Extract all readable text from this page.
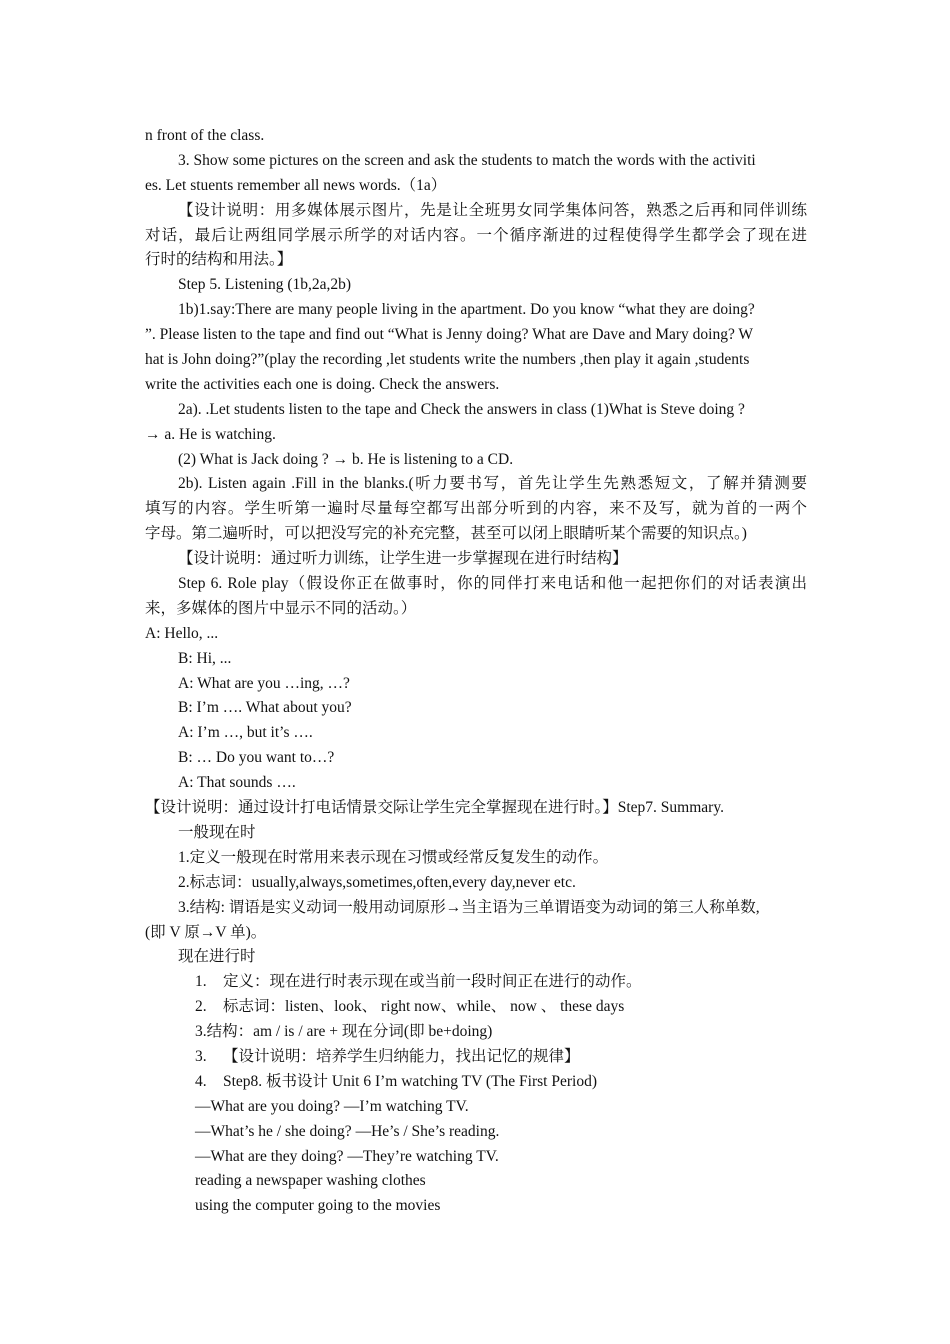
n front of the class.
3. Show some pictures on the screen and ask the students to match the words with the activiti
es. Let stuents remember all news words.（1a）
【设计说明：用多媒体展示图片，先是让全班男女同学集体问答，熟悉之后再和同伴训练
对话，最后让两组同学展示所学的对话内容。一个循序渐进的过程使得学生都学会了现在进
行时的结构和用法。】
Step 5. Listening (1b,2a,2b)
1b)1.say:There are many people living in the apartment. Do you know “what they are doing?
”. Please listen to the tape and find out “What is Jenny doing? What are Dave and Mary doing? W
hat is John doing?”(play the recording ,let students write the numbers ,then play it again ,students
write the activities each one is doing. Check the answers.
2a). .Let students listen to the tape and Check the answers in class (1)What is Steve doing ?
→ a. He is watching.
(2) What is Jack doing ? → b. He is listening to a CD.
2b). Listen again .Fill in the blanks.(听力要书写，首先让学生先熟悉短文，了解并猜测要
填写的内容。学生听第一遍时尽量每空都写出部分听到的内容，来不及写，就为首的一两个
字母。第二遍听时，可以把没写完的补充完整，甚至可以闭上眼睛听某个需要的知识点。)
【设计说明：通过听力训练，让学生进一步掌握现在进行时结构】
Step 6. Role play（假设你正在做事时，你的同伴打来电话和他一起把你们的对话表演出
来，多媒体的图片中显示不同的活动。）
A: Hello, ...
B: Hi, ...
A: What are you …ing, …?
B: I’m …. What about you?
A: I’m …, but it’s ….
B: … Do you want to…?
A: That sounds ….
【设计说明：通过设计打电话情景交际让学生完全掌握现在进行时。】Step7. Summary.
一般现在时
1.定义一般现在时常用来表示现在习惯或经常反复发生的动作。
2.标志词：usually,always,sometimes,often,every day,never etc.
3.结构: 谓语是实义动词一般用动词原形→当主语为三单谓语变为动词的第三人称单数,
(即 V 原→V 单)。
现在进行时
1. 定义：现在进行时表示现在或当前一段时间正在进行的动作。
2. 标志词：listen、look、 right now、while、 now 、 these days
3.结构：am / is / are + 现在分词(即 be+doing)
3. 【设计说明：培养学生归纳能力，找出记忆的规律】
4. Step8. 板书设计 Unit 6 I’m watching TV (The First Period)
—What are you doing? —I’m watching TV.
—What’s he / she doing? —He’s / She’s reading.
—What are they doing? —They’re watching TV.
reading a newspaper washing clothes
using the computer going to the movies
